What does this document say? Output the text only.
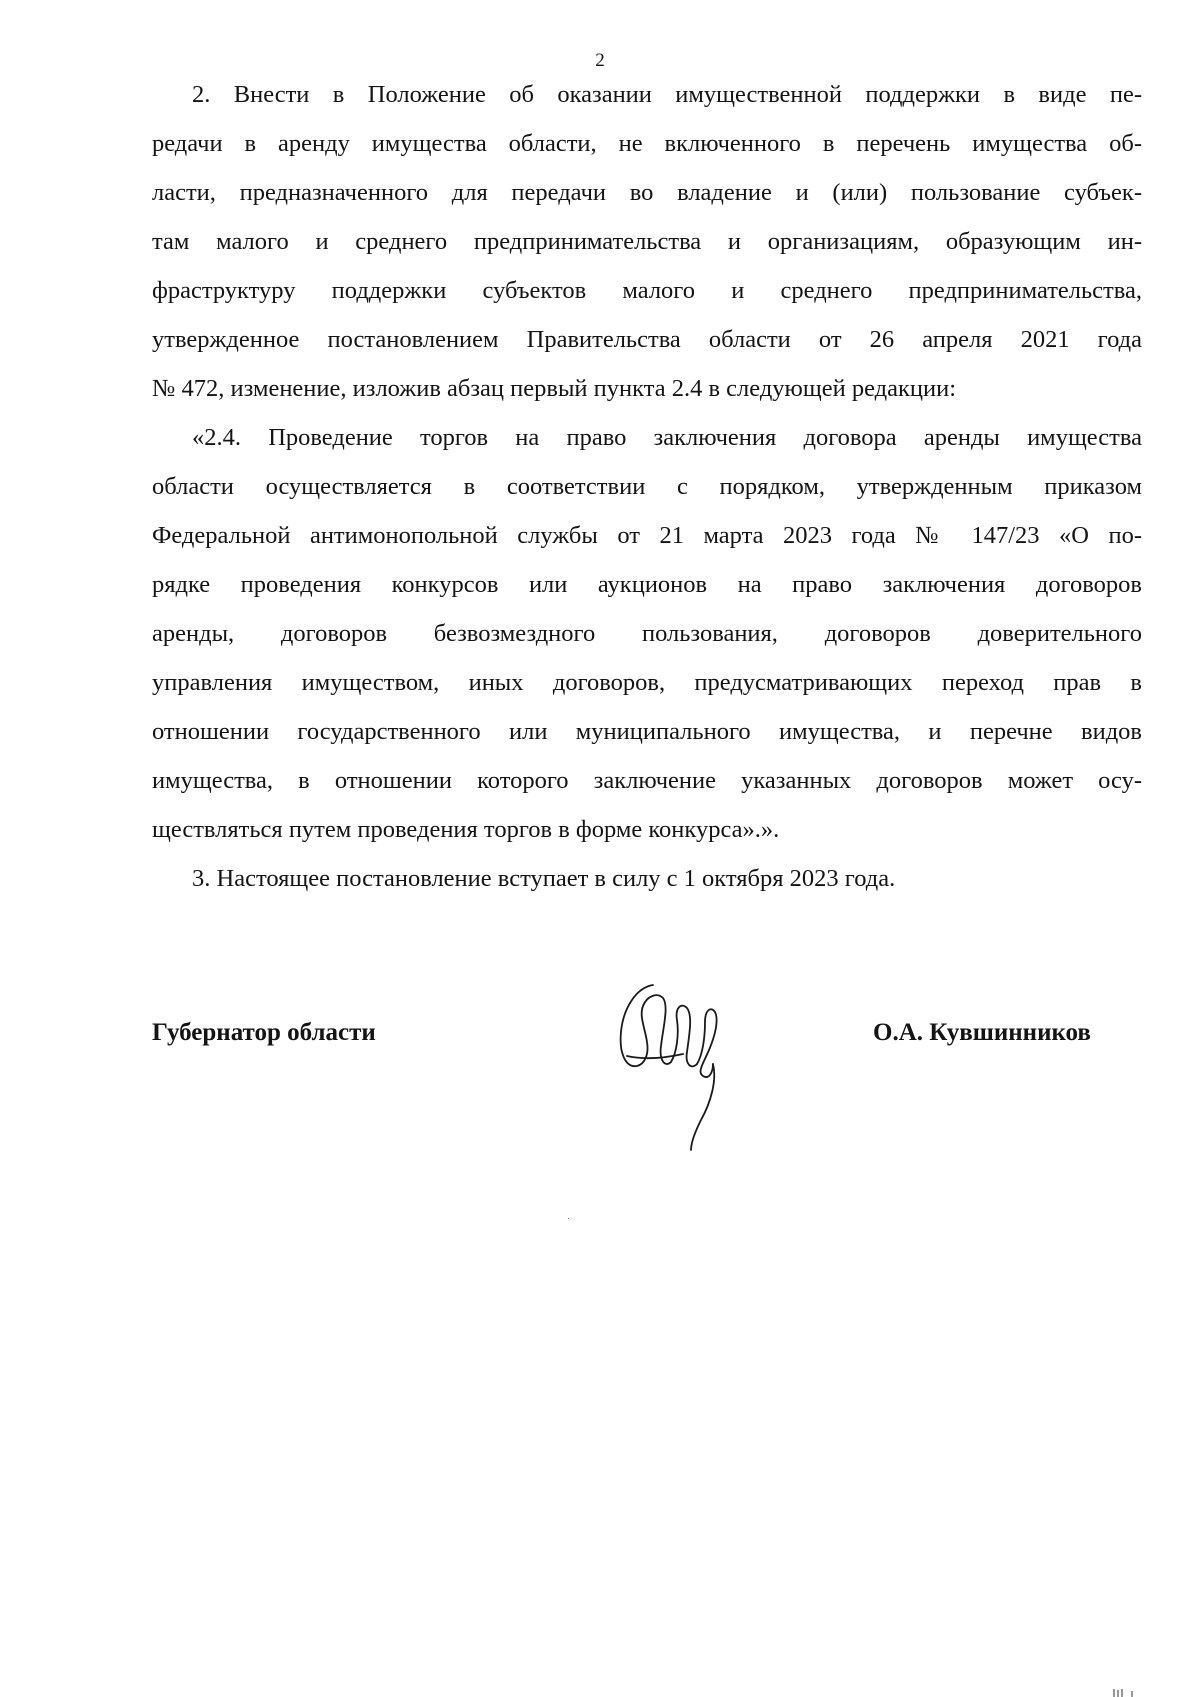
2
2. Внести в Положение об оказании имущественной поддержки в виде пе-
редачи в аренду имущества области, не включенного в перечень имущества об-
ласти, предназначенного для передачи во владение и (или) пользование субъек-
там малого и среднего предпринимательства и организациям, образующим ин-
фраструктуру поддержки субъектов малого и среднего предпринимательства,
утвержденное постановлением Правительства области от 26 апреля 2021 года
№ 472, изменение, изложив абзац первый пункта 2.4 в следующей редакции:
«2.4. Проведение торгов на право заключения договора аренды имущества
области осуществляется в соответствии с порядком, утвержденным приказом
Федеральной антимонопольной службы от 21 марта 2023 года № 147/23 «О по-
рядке проведения конкурсов или аукционов на право заключения договоров
аренды, договоров безвозмездного пользования, договоров доверительного
управления имуществом, иных договоров, предусматривающих переход прав в
отношении государственного или муниципального имущества, и перечне видов
имущества, в отношении которого заключение указанных договоров может осу-
ществляться путем проведения торгов в форме конкурса».».
3. Настоящее постановление вступает в силу с 1 октября 2023 года.
Губернатор области	О.А. Кувшинников
